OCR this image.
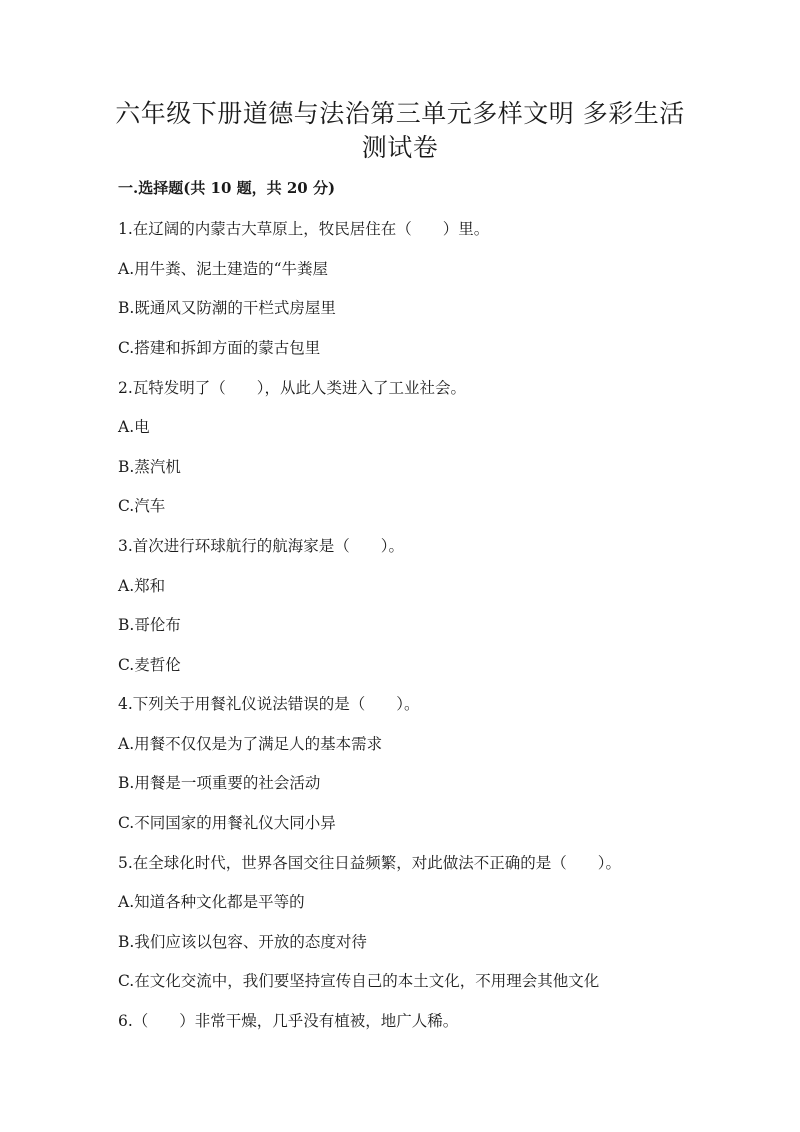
六年级下册道德与法治第三单元多样文明 多彩生活
测试卷
一.选择题(共 10 题，共 20 分)

1.在辽阔的内蒙古大草原上，牧民居住在（　　）里。

A.用牛粪、泥土建造的“牛粪屋

B.既通风又防潮的干栏式房屋里

C.搭建和拆卸方面的蒙古包里

2.瓦特发明了（　　），从此人类进入了工业社会。

A.电

B.蒸汽机

C.汽车

3.首次进行环球航行的航海家是（　　）。

A.郑和

B.哥伦布

C.麦哲伦

4.下列关于用餐礼仪说法错误的是（　　）。

A.用餐不仅仅是为了满足人的基本需求

B.用餐是一项重要的社会活动

C.不同国家的用餐礼仪大同小异

5.在全球化时代，世界各国交往日益频繁，对此做法不正确的是（　　）。

A.知道各种文化都是平等的

B.我们应该以包容、开放的态度对待

C.在文化交流中，我们要坚持宣传自己的本土文化，不用理会其他文化

6.（　　）非常干燥，几乎没有植被，地广人稀。
